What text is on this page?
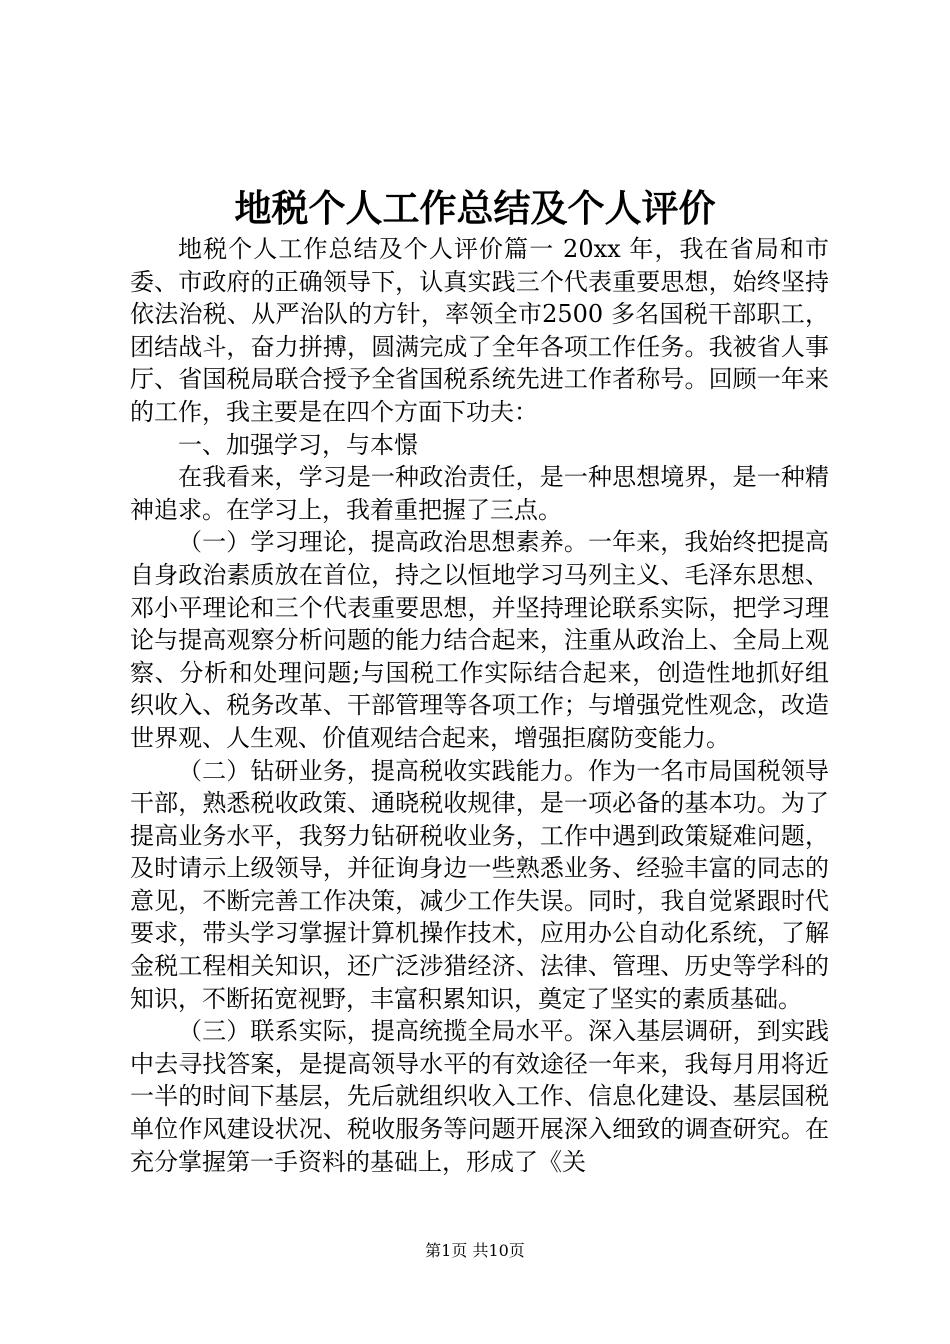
地税个人工作总结及个人评价

地税个人工作总结及个人评价篇一 20xx 年，我在省局和市委、市政府的正确领导下，认真实践三个代表重要思想，始终坚持依法治税、从严治队的方针，率领全市2500 多名国税干部职工，团结战斗，奋力拼搏，圆满完成了全年各项工作任务。我被省人事厅、省国税局联合授予全省国税系统先进工作者称号。回顾一年来的工作，我主要是在四个方面下功夫：

一、加强学习，与本憬

在我看来，学习是一种政治责任，是一种思想境界，是一种精神追求。在学习上，我着重把握了三点。

（一）学习理论，提高政治思想素养。一年来，我始终把提高自身政治素质放在首位，持之以恒地学习马列主义、毛泽东思想、邓小平理论和三个代表重要思想，并坚持理论联系实际，把学习理论与提高观察分析问题的能力结合起来，注重从政治上、全局上观察、分析和处理问题;与国税工作实际结合起来，创造性地抓好组织收入、税务改革、干部管理等各项工作；与增强党性观念，改造世界观、人生观、价值观结合起来，增强拒腐防变能力。

（二）钻研业务，提高税收实践能力。作为一名市局国税领导干部，熟悉税收政策、通晓税收规律，是一项必备的基本功。为了提高业务水平，我努力钻研税收业务，工作中遇到政策疑难问题，及时请示上级领导，并征询身边一些熟悉业务、经验丰富的同志的意见，不断完善工作决策，减少工作失误。同时，我自觉紧跟时代要求，带头学习掌握计算机操作技术，应用办公自动化系统，了解金税工程相关知识，还广泛涉猎经济、法律、管理、历史等学科的知识，不断拓宽视野，丰富积累知识，奠定了坚实的素质基础。

（三）联系实际，提高统揽全局水平。深入基层调研，到实践中去寻找答案，是提高领导水平的有效途径一年来，我每月用将近一半的时间下基层，先后就组织收入工作、信息化建设、基层国税单位作风建设状况、税收服务等问题开展深入细致的调查研究。在充分掌握第一手资料的基础上，形成了《关

第1页 共10页
